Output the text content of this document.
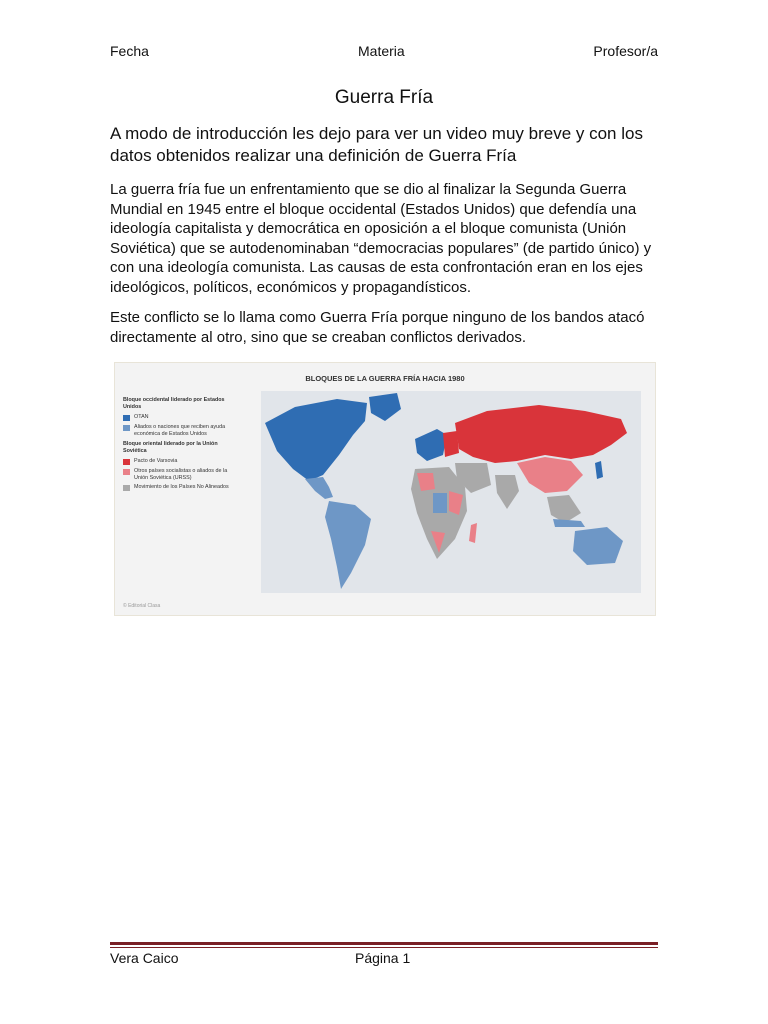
Fecha	Materia	Profesor/a
Guerra Fría
A modo de introducción les dejo para ver un video muy breve y con los datos obtenidos realizar una definición de Guerra Fría
La guerra fría fue un enfrentamiento que se dio al finalizar la Segunda Guerra Mundial en 1945 entre el bloque occidental (Estados Unidos) que defendía una ideología capitalista y democrática en oposición a el bloque comunista (Unión Soviética) que se autodenominaban “democracias populares” (de partido único) y con una ideología comunista. Las causas de esta confrontación eran en los ejes ideológicos, políticos, económicos y propagandísticos.
Este conflicto se lo llama como Guerra Fría porque ninguno de los bandos atacó directamente al otro, sino que se creaban conflictos derivados.
BLOQUES DE LA GUERRA FRÍA HACIA 1980
Bloque occidental liderado por Estados Unidos
OTAN
Aliados o naciones que reciben ayuda económica de Estados Unidos
Bloque oriental liderado por la Unión Soviética
Pacto de Varsovia
Otros países socialistas o aliados de la Unión Soviética (URSS)
Movimiento de los Países No Alineados
© Editorial Clasa
Vera Caico	Página 1
